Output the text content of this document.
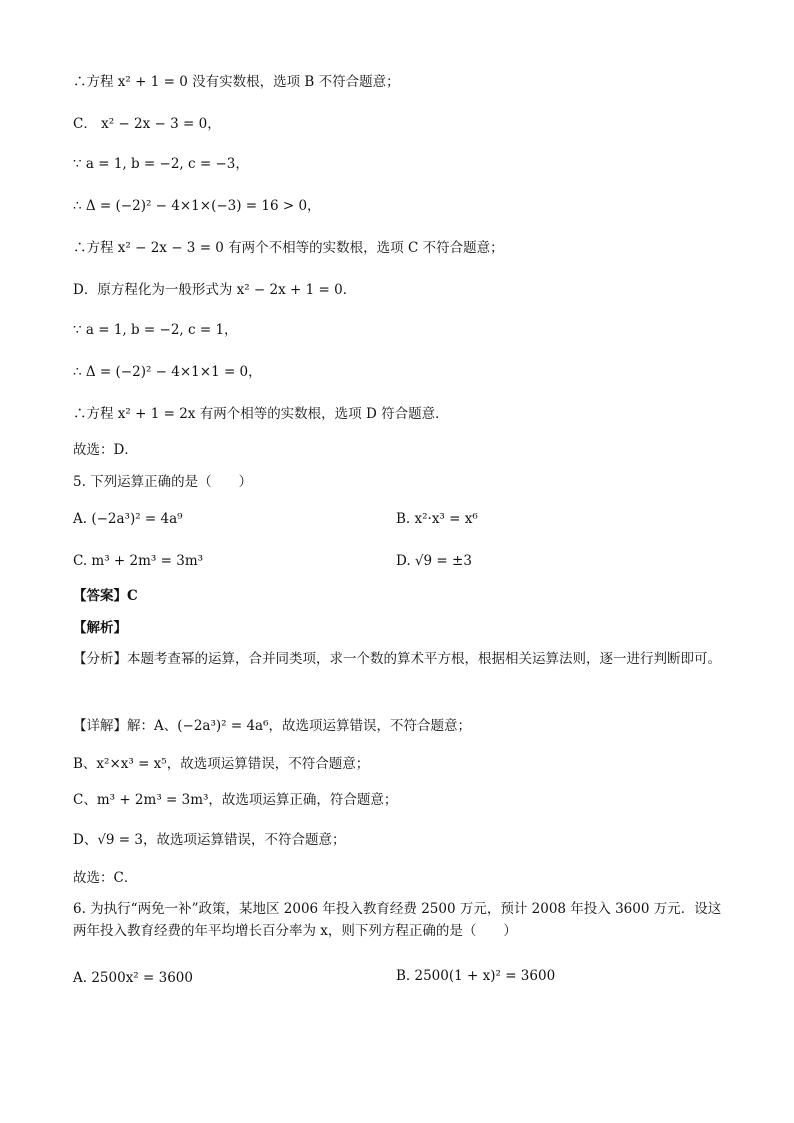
∴方程 x² + 1 = 0 没有实数根，选项 B 不符合题意；
C． x² − 2x − 3 = 0，
∵ a = 1, b = −2, c = −3，
∴ Δ = (−2)² − 4×1×(−3) = 16 > 0，
∴方程 x² − 2x − 3 = 0 有两个不相等的实数根，选项 C 不符合题意；
D．原方程化为一般形式为 x² − 2x + 1 = 0．
∵ a = 1, b = −2, c = 1，
∴ Δ = (−2)² − 4×1×1 = 0，
∴方程 x² + 1 = 2x 有两个相等的实数根，选项 D 符合题意．
故选：D．
5. 下列运算正确的是（　　）
A. (−2a³)² = 4a⁹	B. x²·x³ = x⁶
C. m³ + 2m³ = 3m³	D. √9 = ±3
【答案】C
【解析】
【分析】本题考查幂的运算，合并同类项，求一个数的算术平方根，根据相关运算法则，逐一进行判断即可。
【详解】解：A、(−2a³)² = 4a⁶，故选项运算错误，不符合题意；
B、x²×x³ = x⁵，故选项运算错误，不符合题意；
C、m³ + 2m³ = 3m³，故选项运算正确，符合题意；
D、√9 = 3，故选项运算错误，不符合题意；
故选：C．
6. 为执行“两免一补”政策，某地区 2006 年投入教育经费 2500 万元，预计 2008 年投入 3600 万元．设这两年投入教育经费的年平均增长百分率为 x，则下列方程正确的是（　　）
A. 2500x² = 3600	B. 2500(1 + x)² = 3600
